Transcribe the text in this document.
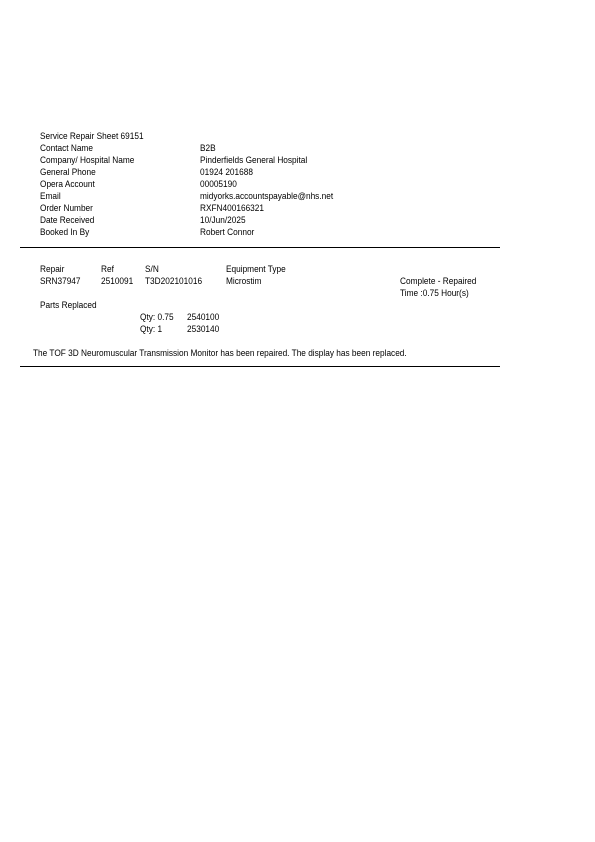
Service Repair Sheet 69151
Contact Name	B2B
Company/ Hospital Name	Pinderfields General Hospital
General Phone	01924 201688
Opera Account	00005190
Email	midyorks.accountspayable@nhs.net
Order Number	RXFN400166321
Date Received	10/Jun/2025
Booked In By	Robert Connor
Repair	Ref	S/N	Equipment Type
SRN37947 2510091 T3D202101016	Microstim	Complete - Repaired
Time :0.75 Hour(s)
Parts Replaced
Qty: 0.75 2540100
Qty: 1	2530140
The TOF 3D Neuromuscular Transmission Monitor has been repaired. The display has been replaced.
